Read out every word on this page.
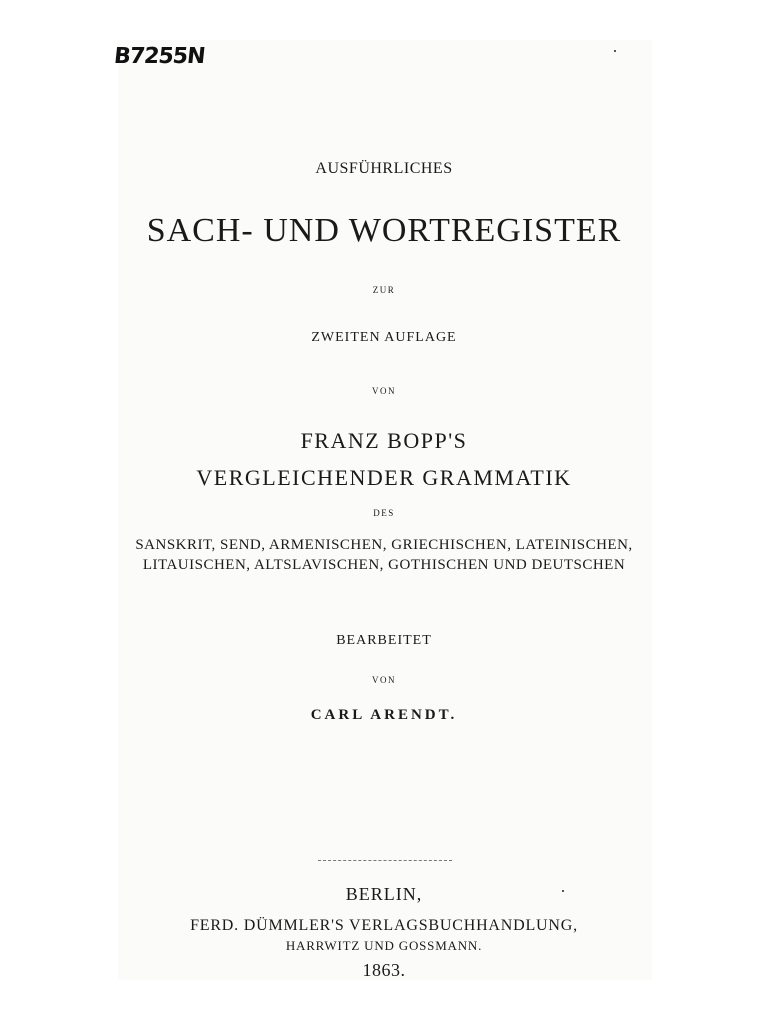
B7255N
AUSFÜHRLICHES
SACH- UND WORTREGISTER
ZUR
ZWEITEN AUFLAGE
VON
FRANZ BOPP'S
VERGLEICHENDER GRAMMATIK
DES
SANSKRIT, SEND, ARMENISCHEN, GRIECHISCHEN, LATEINISCHEN,
LITAUISCHEN, ALTSLAVISCHEN, GOTHISCHEN UND DEUTSCHEN
BEARBEITET
VON
CARL ARENDT.
BERLIN,
FERD. DÜMMLER'S VERLAGSBUCHHANDLUNG,
HARRWITZ UND GOSSMANN.
1863.
